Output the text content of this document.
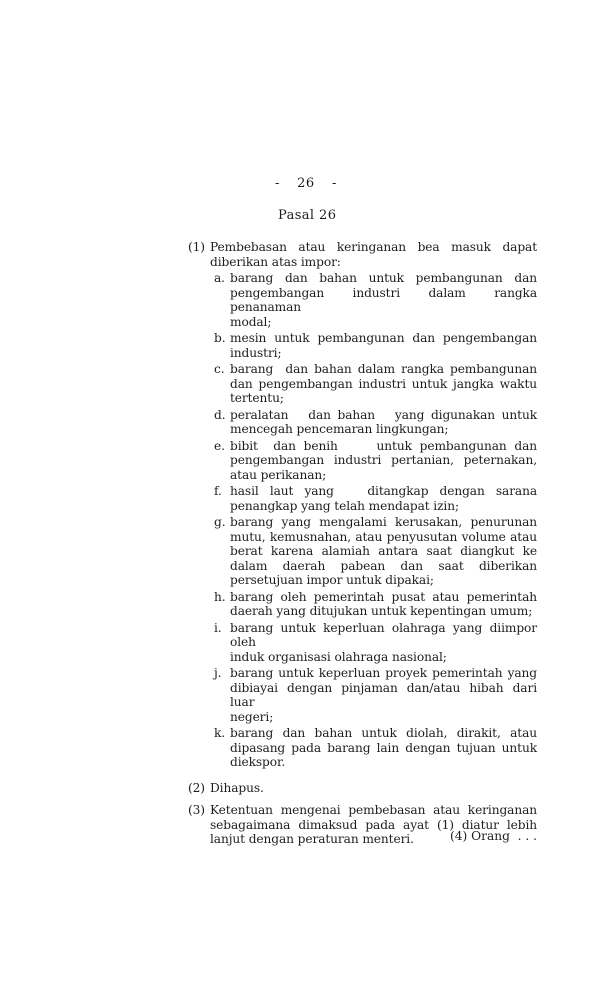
-  26  -
Pasal 26
(1) Pembebasan atau keringanan bea masuk dapat
diberikan atas impor:
a. barang dan bahan untuk pembangunan dan
pengembangan industri dalam rangka penanaman
modal;
b. mesin untuk pembangunan dan pengembangan
industri;
c. barang  dan bahan dalam rangka pembangunan
dan pengembangan industri untuk jangka waktu
tertentu;
d. peralatan   dan bahan   yang digunakan untuk
mencegah pencemaran lingkungan;
e. bibit  dan benih     untuk pembangunan dan
pengembangan industri pertanian, peternakan,
atau perikanan;
f. hasil laut yang   ditangkap dengan sarana
penangkap yang telah mendapat izin;
g. barang yang mengalami kerusakan, penurunan
mutu, kemusnahan, atau penyusutan volume atau
berat karena alamiah antara saat diangkut ke
dalam daerah pabean dan saat diberikan
persetujuan impor untuk dipakai;
h. barang oleh pemerintah pusat atau pemerintah
daerah yang ditujukan untuk kepentingan umum;
i. barang untuk keperluan olahraga yang diimpor oleh
induk organisasi olahraga nasional;
j. barang untuk keperluan proyek pemerintah yang
dibiayai dengan pinjaman dan/atau hibah dari luar
negeri;
k. barang dan bahan untuk diolah, dirakit, atau
dipasang pada barang lain dengan tujuan untuk
diekspor.
(2) Dihapus.
(3) Ketentuan mengenai pembebasan atau keringanan
sebagaimana dimaksud pada ayat (1) diatur lebih
lanjut dengan peraturan menteri.	(4) Orang  . . .
